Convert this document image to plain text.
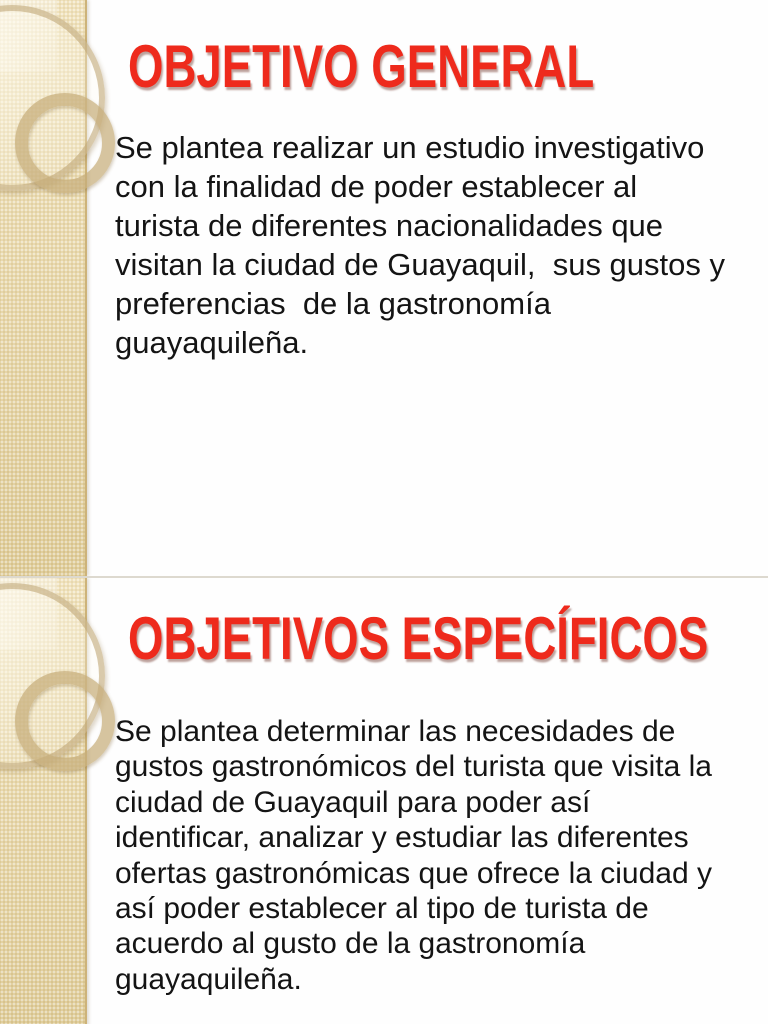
OBJETIVO GENERAL
Se plantea realizar un estudio investigativo
con la finalidad de poder establecer al
turista de diferentes nacionalidades que
visitan la ciudad de Guayaquil,  sus gustos y
preferencias  de la gastronomía
guayaquileña.
OBJETIVOS ESPECÍFICOS
Se plantea determinar las necesidades de
gustos gastronómicos del turista que visita la
ciudad de Guayaquil para poder así
identificar, analizar y estudiar las diferentes
ofertas gastronómicas que ofrece la ciudad y
así poder establecer al tipo de turista de
acuerdo al gusto de la gastronomía
guayaquileña.
